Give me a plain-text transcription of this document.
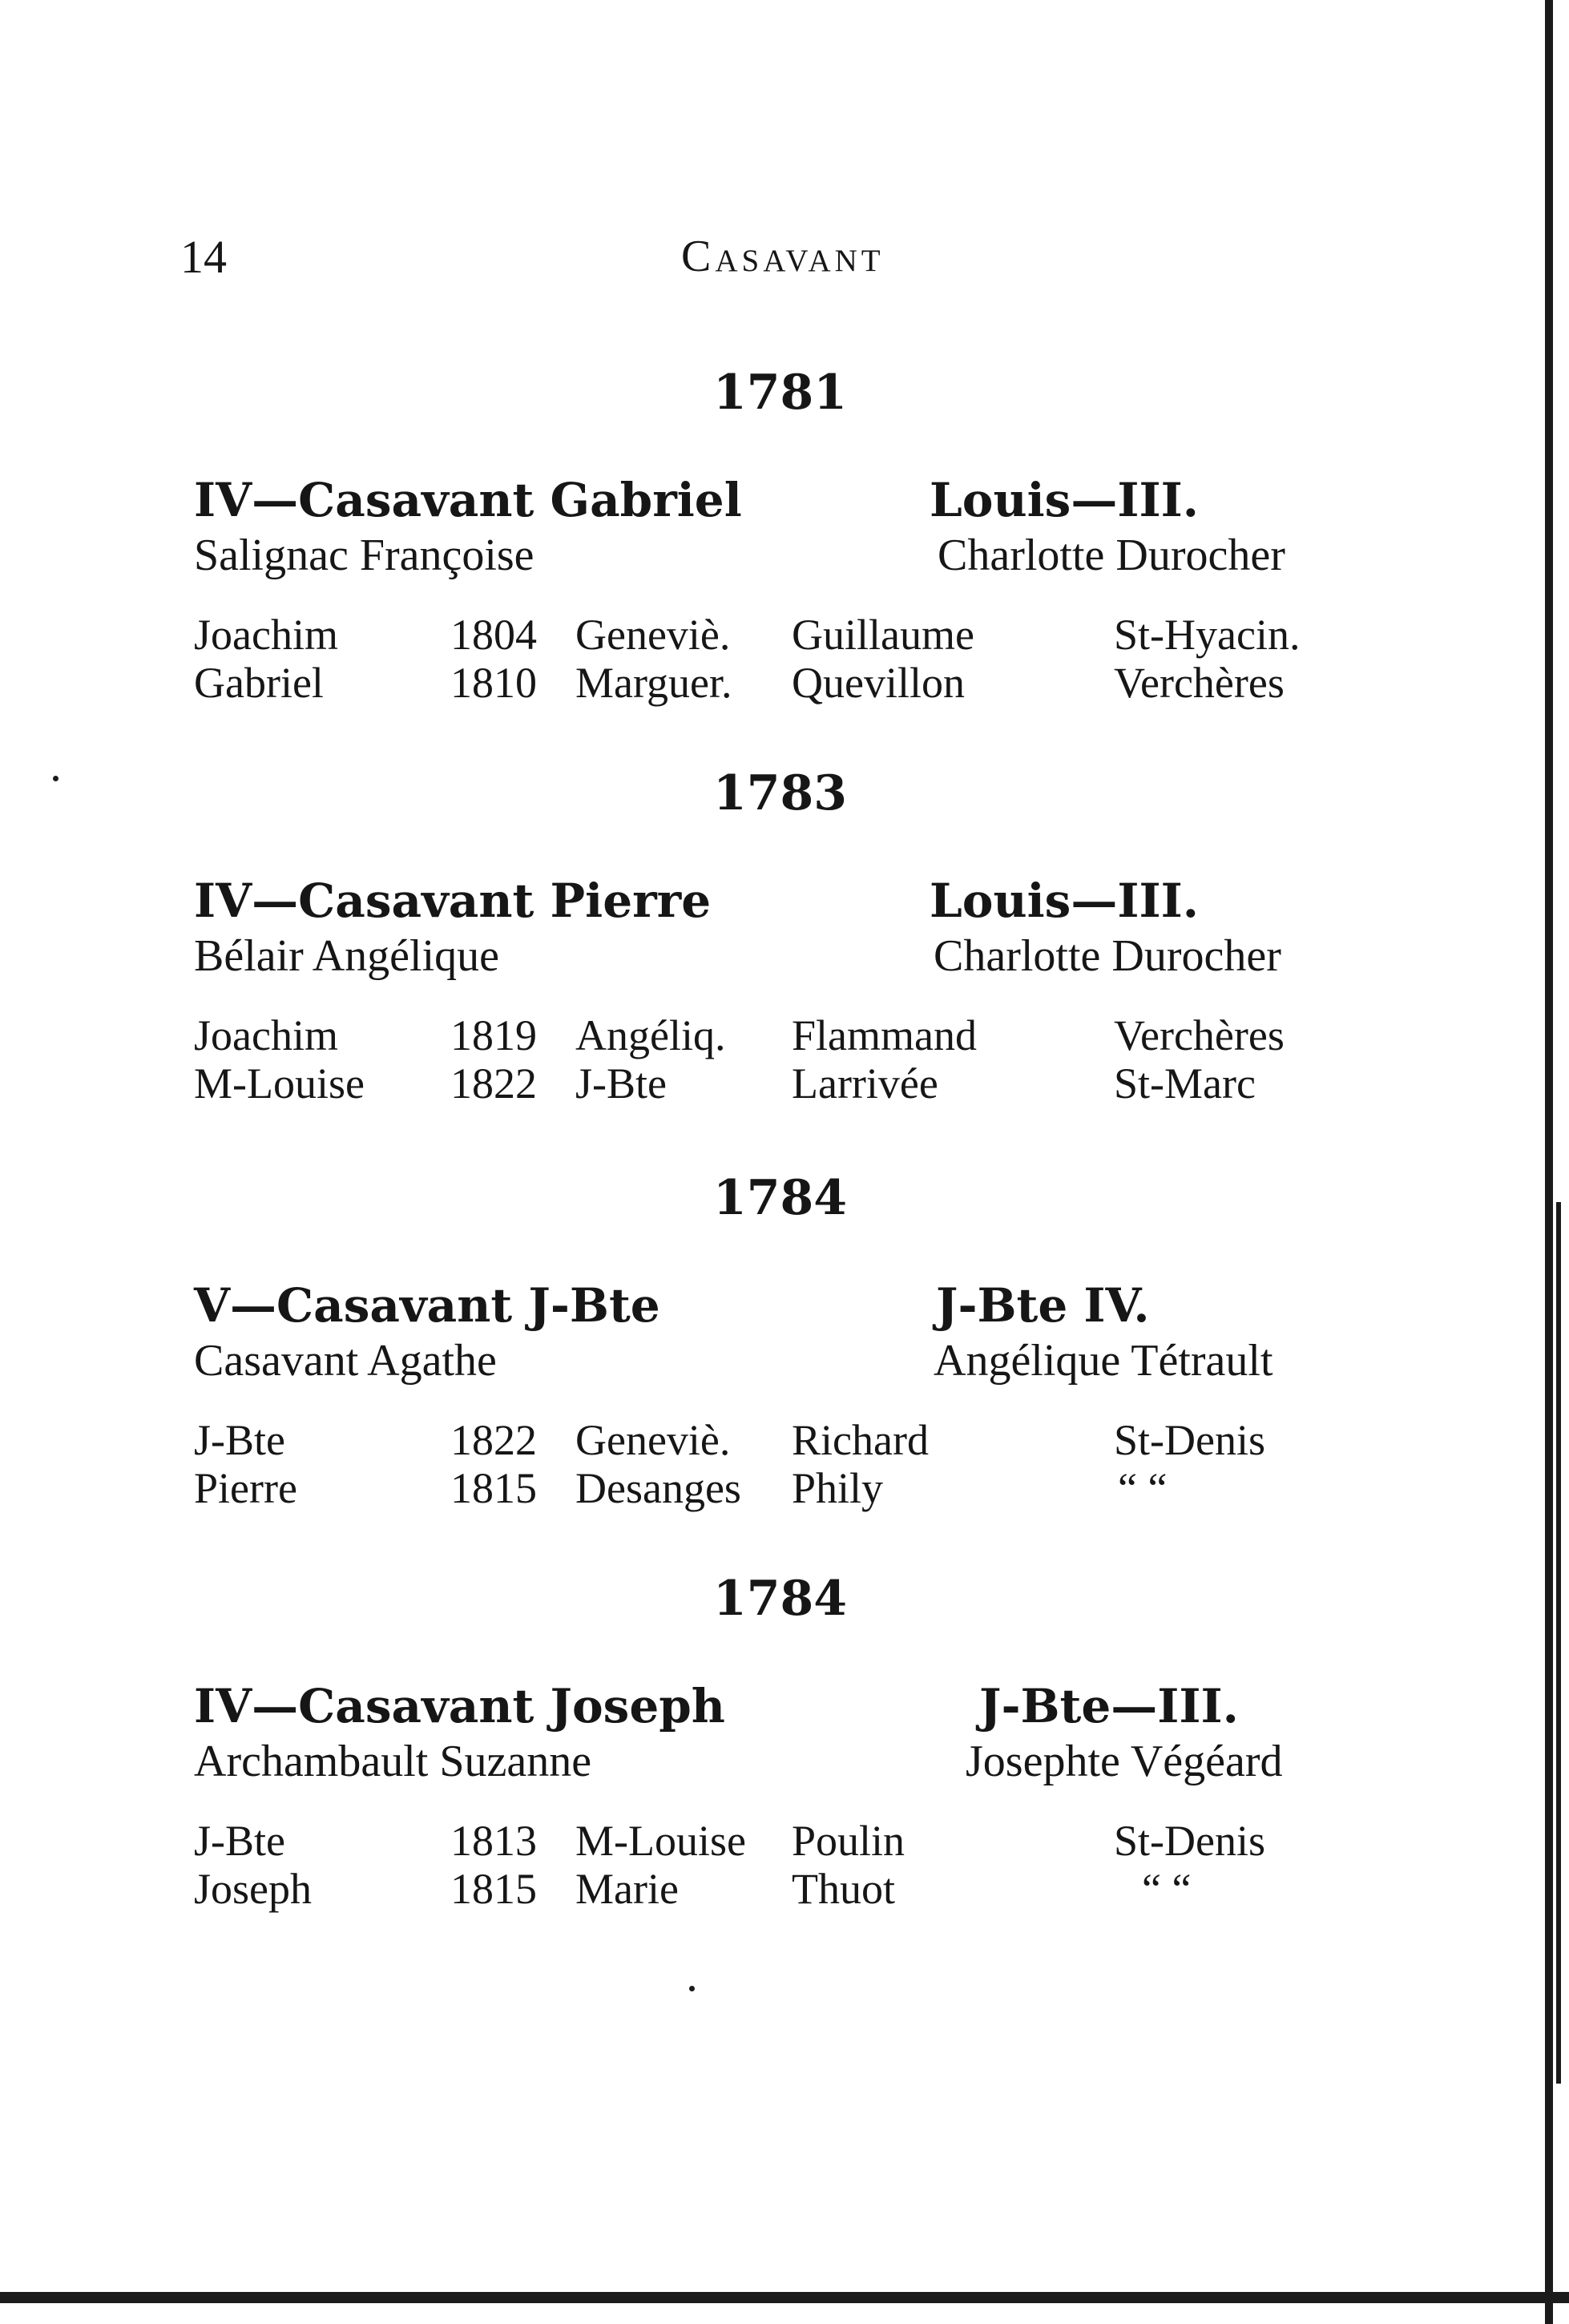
14	Casavant
1781
IV—Casavant Gabriel	Louis—III.
Salignac Françoise	Charlotte Durocher
Joachim	1804 Geneviè. Guillaume	St-Hyacin.
Gabriel	1810 Marguer. Quevillon	Verchères
1783
IV—Casavant Pierre	Louis—III.
Bélair Angélique	Charlotte Durocher
Joachim	1819 Angéliq. Flammand	Verchères
M-Louise 1822 J-Bte	Larrivée	St-Marc
1784
V—Casavant J-Bte	J-Bte IV.
Casavant Agathe	Angélique Tétrault
J-Bte	1822 Geneviè. Richard	St-Denis
Pierre	1815 Desanges Phily	“ “
1784
IV—Casavant Joseph	J-Bte—III.
Archambault Suzanne	Josephte Végéard
J-Bte	1813 M-Louise Poulin	St-Denis
Joseph	1815 Marie	Thuot	“ “
